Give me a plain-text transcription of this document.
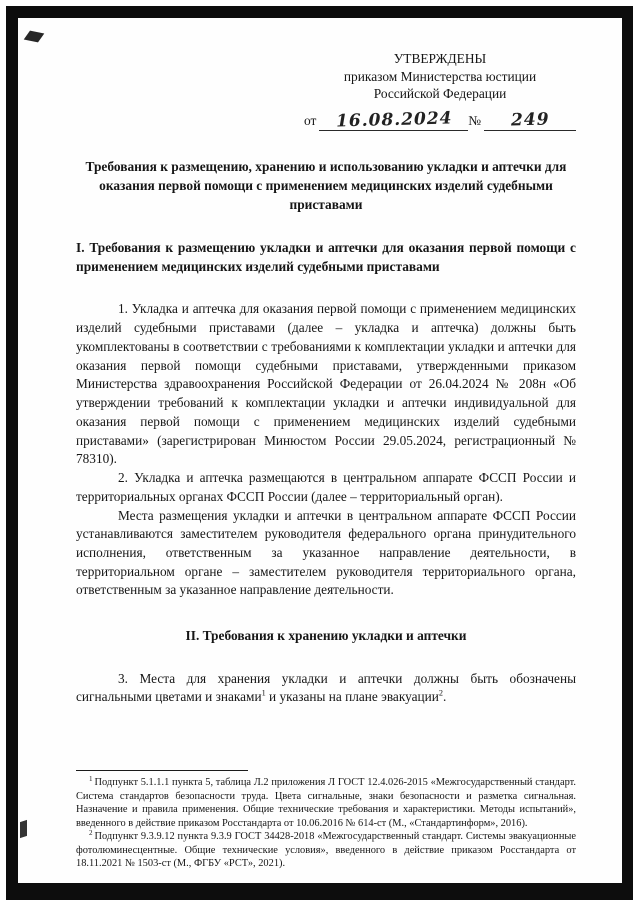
УТВЕРЖДЕНЫ
приказом Министерства юстиции
Российской Федерации
от	16.08.2024	№	249
Требования к размещению, хранению и использованию укладки и аптечки для оказания первой помощи с применением медицинских изделий судебными приставами
I. Требования к размещению укладки и аптечки для оказания первой помощи с применением медицинских изделий судебными приставами

1. Укладка и аптечка для оказания первой помощи с применением медицинских изделий судебными приставами (далее – укладка и аптечка) должны быть укомплектованы в соответствии с требованиями к комплектации укладки и аптечки для оказания первой помощи судебными приставами, утвержденными приказом Министерства здравоохранения Российской Федерации от 26.04.2024 № 208н «Об утверждении требований к комплектации укладки и аптечки индивидуальной для оказания первой помощи с применением медицинских изделий судебными приставами» (зарегистрирован Минюстом России 29.05.2024, регистрационный № 78310).

2. Укладка и аптечка размещаются в центральном аппарате ФССП России и территориальных органах ФССП России (далее – территориальный орган).

Места размещения укладки и аптечки в центральном аппарате ФССП России устанавливаются заместителем руководителя федерального органа принудительного исполнения, ответственным за указанное направление деятельности, в территориальном органе – заместителем руководителя территориального органа, ответственным за указанное направление деятельности.

II. Требования к хранению укладки и аптечки

3. Места для хранения укладки и аптечки должны быть обозначены сигнальными цветами и знаками$^1$ и указаны на плане эвакуации$^2$.

$^1$ Подпункт 5.1.1.1 пункта 5, таблица Л.2 приложения Л ГОСТ 12.4.026-2015 «Межгосударственный стандарт. Система стандартов безопасности труда. Цвета сигнальные, знаки безопасности и разметка сигнальная. Назначение и правила применения. Общие технические требования и характеристики. Методы испытаний», введенного в действие приказом Росстандарта от 10.06.2016 № 614-ст (М., «Стандартинформ», 2016).

$^2$ Подпункт 9.3.9.12 пункта 9.3.9 ГОСТ 34428-2018 «Межгосударственный стандарт. Системы эвакуационные фотолюминесцентные. Общие технические условия», введенного в действие приказом Росстандарта от 18.11.2021 № 1503-ст (М., ФГБУ «РСТ», 2021).
